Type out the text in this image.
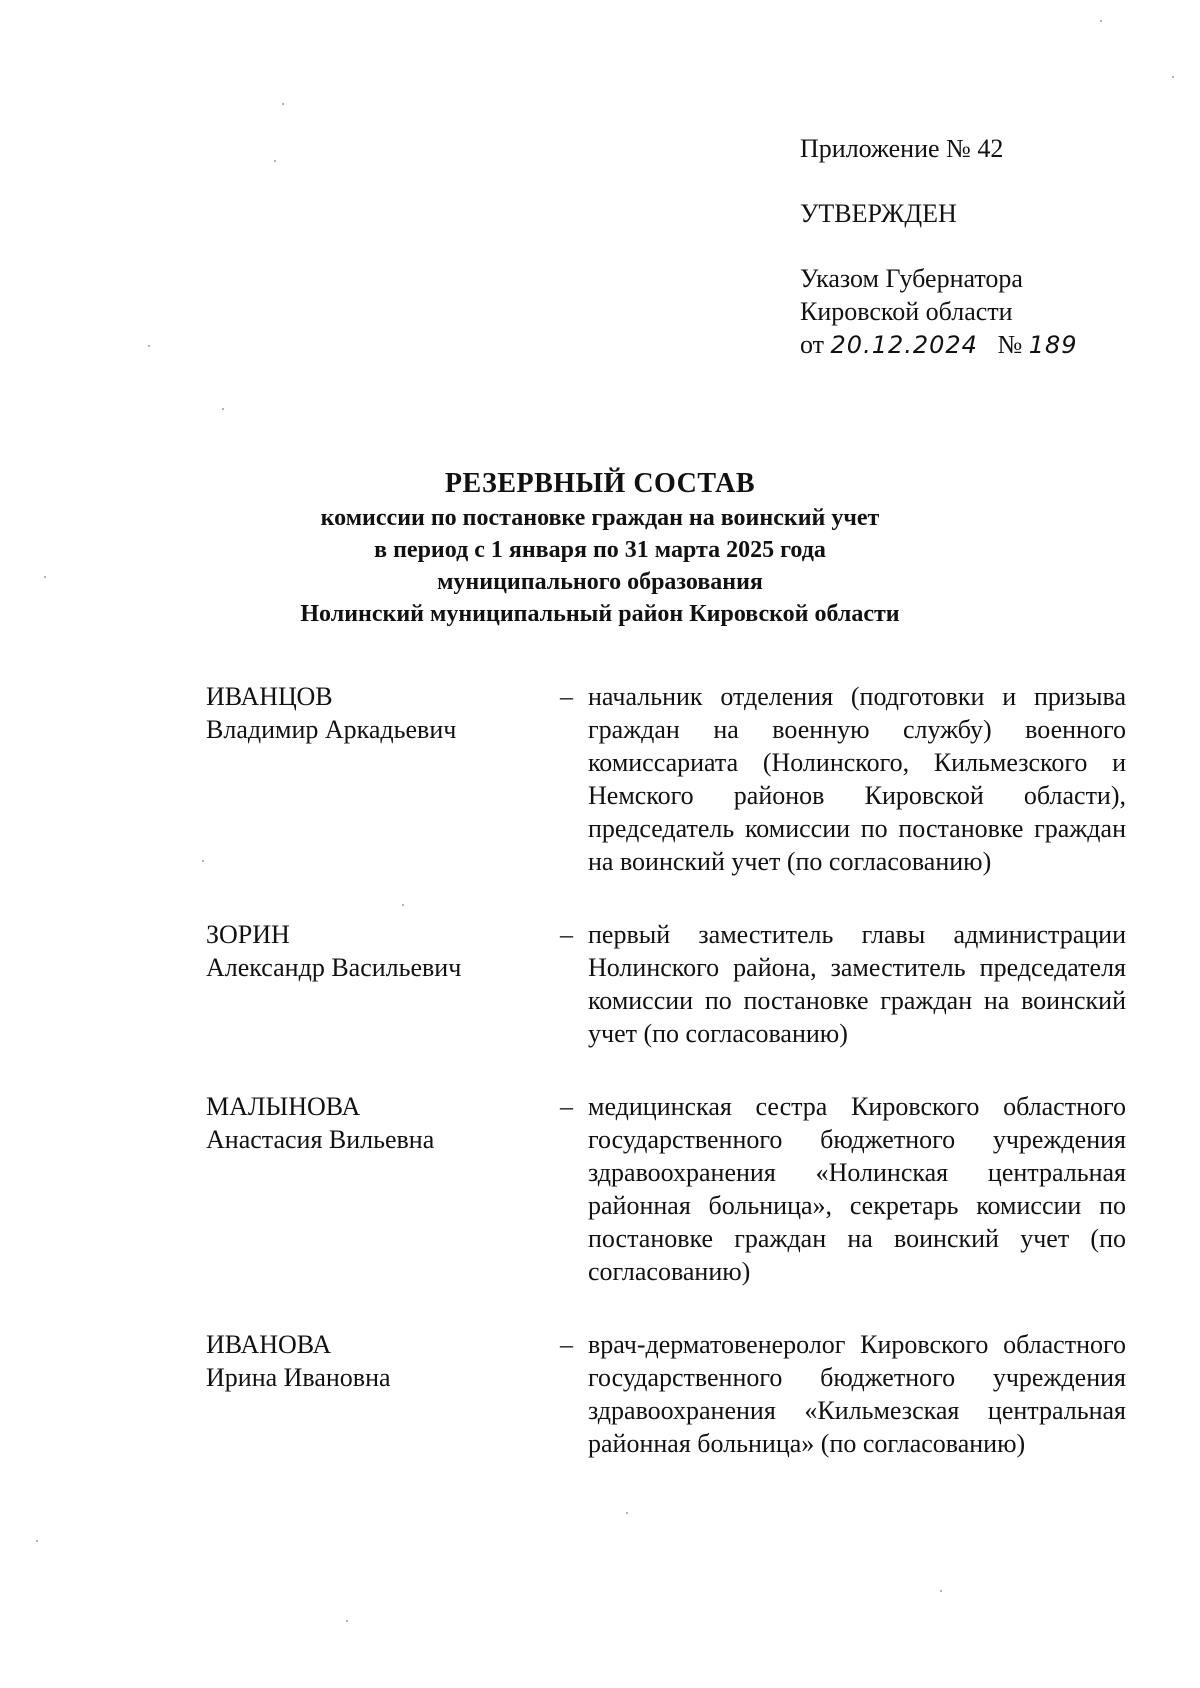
Приложение № 42
УТВЕРЖДЕН
Указом Губернатора
Кировской области
от 20.12.2024 № 189
РЕЗЕРВНЫЙ СОСТАВ
комиссии по постановке граждан на воинский учет
в период с 1 января по 31 марта 2025 года
муниципального образования
Нолинский муниципальный район Кировской области
ИВАНЦОВ
Владимир Аркадьевич
– начальник отделения (подготовки и призыва граждан на военную службу) военного комиссариата (Нолинского, Кильмезского и Немского районов Кировской области), председатель комиссии по постановке граждан на воинский учет (по согласованию)
ЗОРИН
Александр Васильевич
– первый заместитель главы администрации Нолинского района, заместитель председателя комиссии по постановке граждан на воинский учет (по согласованию)
МАЛЫНОВА
Анастасия Вильевна
– медицинская сестра Кировского областного государственного бюджетного учреждения здравоохранения «Нолинская центральная районная больница», секретарь комиссии по постановке граждан на воинский учет (по согласованию)
ИВАНОВА
Ирина Ивановна
– врач-дерматовенеролог Кировского областного государственного бюджетного учреждения здравоохранения «Кильмезская центральная районная больница» (по согласованию)
